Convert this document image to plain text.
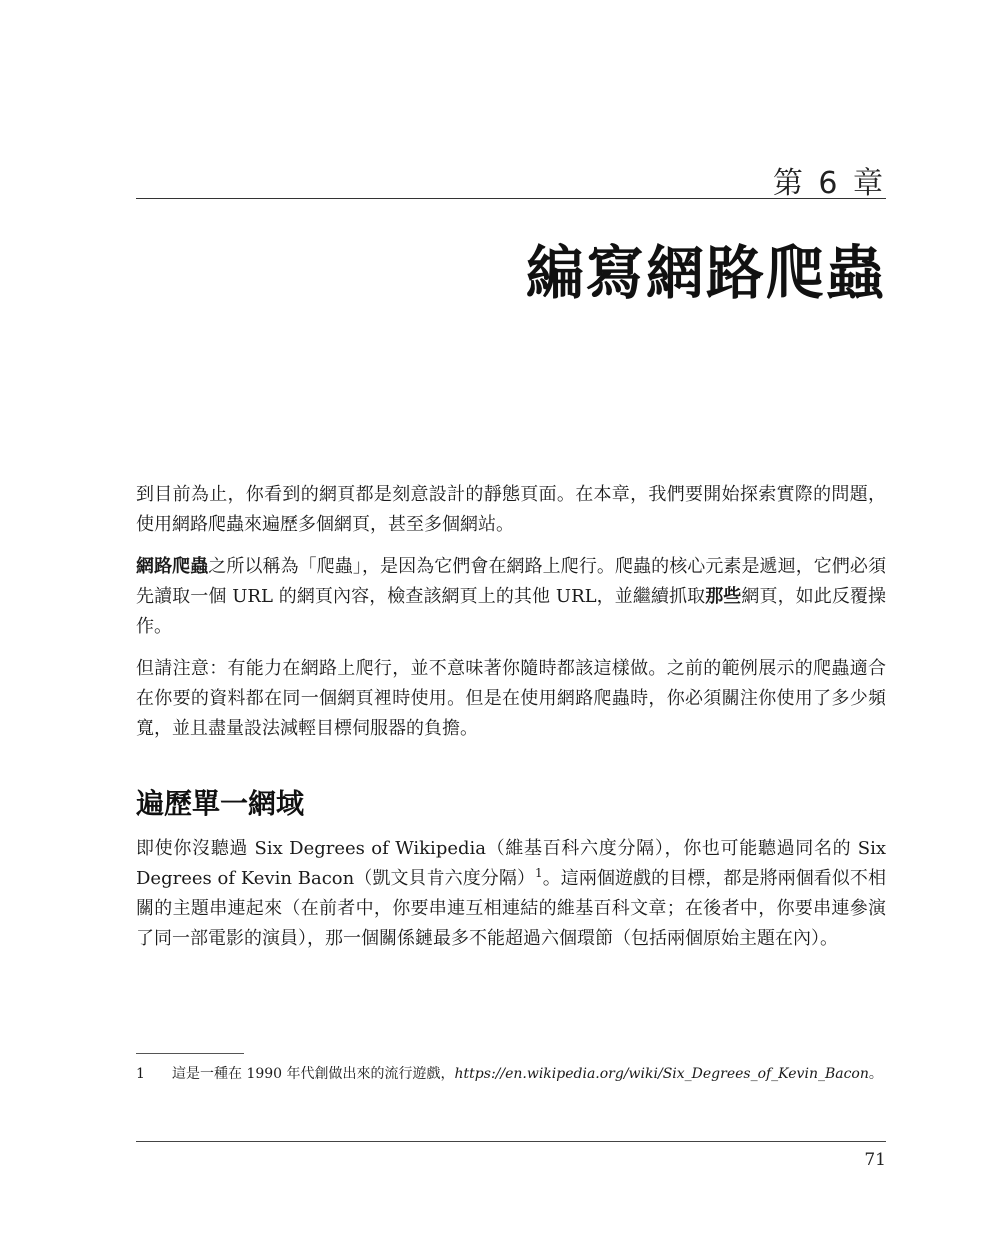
第 6 章
編寫網路爬蟲

到目前為止，你看到的網頁都是刻意設計的靜態頁面。在本章，我們要開始探索實際的問題，使用網路爬蟲來遍歷多個網頁，甚至多個網站。

網路爬蟲之所以稱為「爬蟲」，是因為它們會在網路上爬行。爬蟲的核心元素是遞迴，它們必須先讀取一個 URL 的網頁內容，檢查該網頁上的其他 URL，並繼續抓取那些網頁，如此反覆操作。

但請注意：有能力在網路上爬行，並不意味著你隨時都該這樣做。之前的範例展示的爬蟲適合在你要的資料都在同一個網頁裡時使用。但是在使用網路爬蟲時，你必須關注你使用了多少頻寬，並且盡量設法減輕目標伺服器的負擔。

遍歷單一網域

即使你沒聽過 Six Degrees of Wikipedia（維基百科六度分隔），你也可能聽過同名的 Six Degrees of Kevin Bacon（凱文貝肯六度分隔）$^1$。這兩個遊戲的目標，都是將兩個看似不相關的主題串連起來（在前者中，你要串連互相連結的維基百科文章；在後者中，你要串連參演了同一部電影的演員），那一個關係鏈最多不能超過六個環節（包括兩個原始主題在內）。

1 這是一種在 1990 年代創做出來的流行遊戲，https://en.wikipedia.org/wiki/Six_Degrees_of_Kevin_Bacon。
71
